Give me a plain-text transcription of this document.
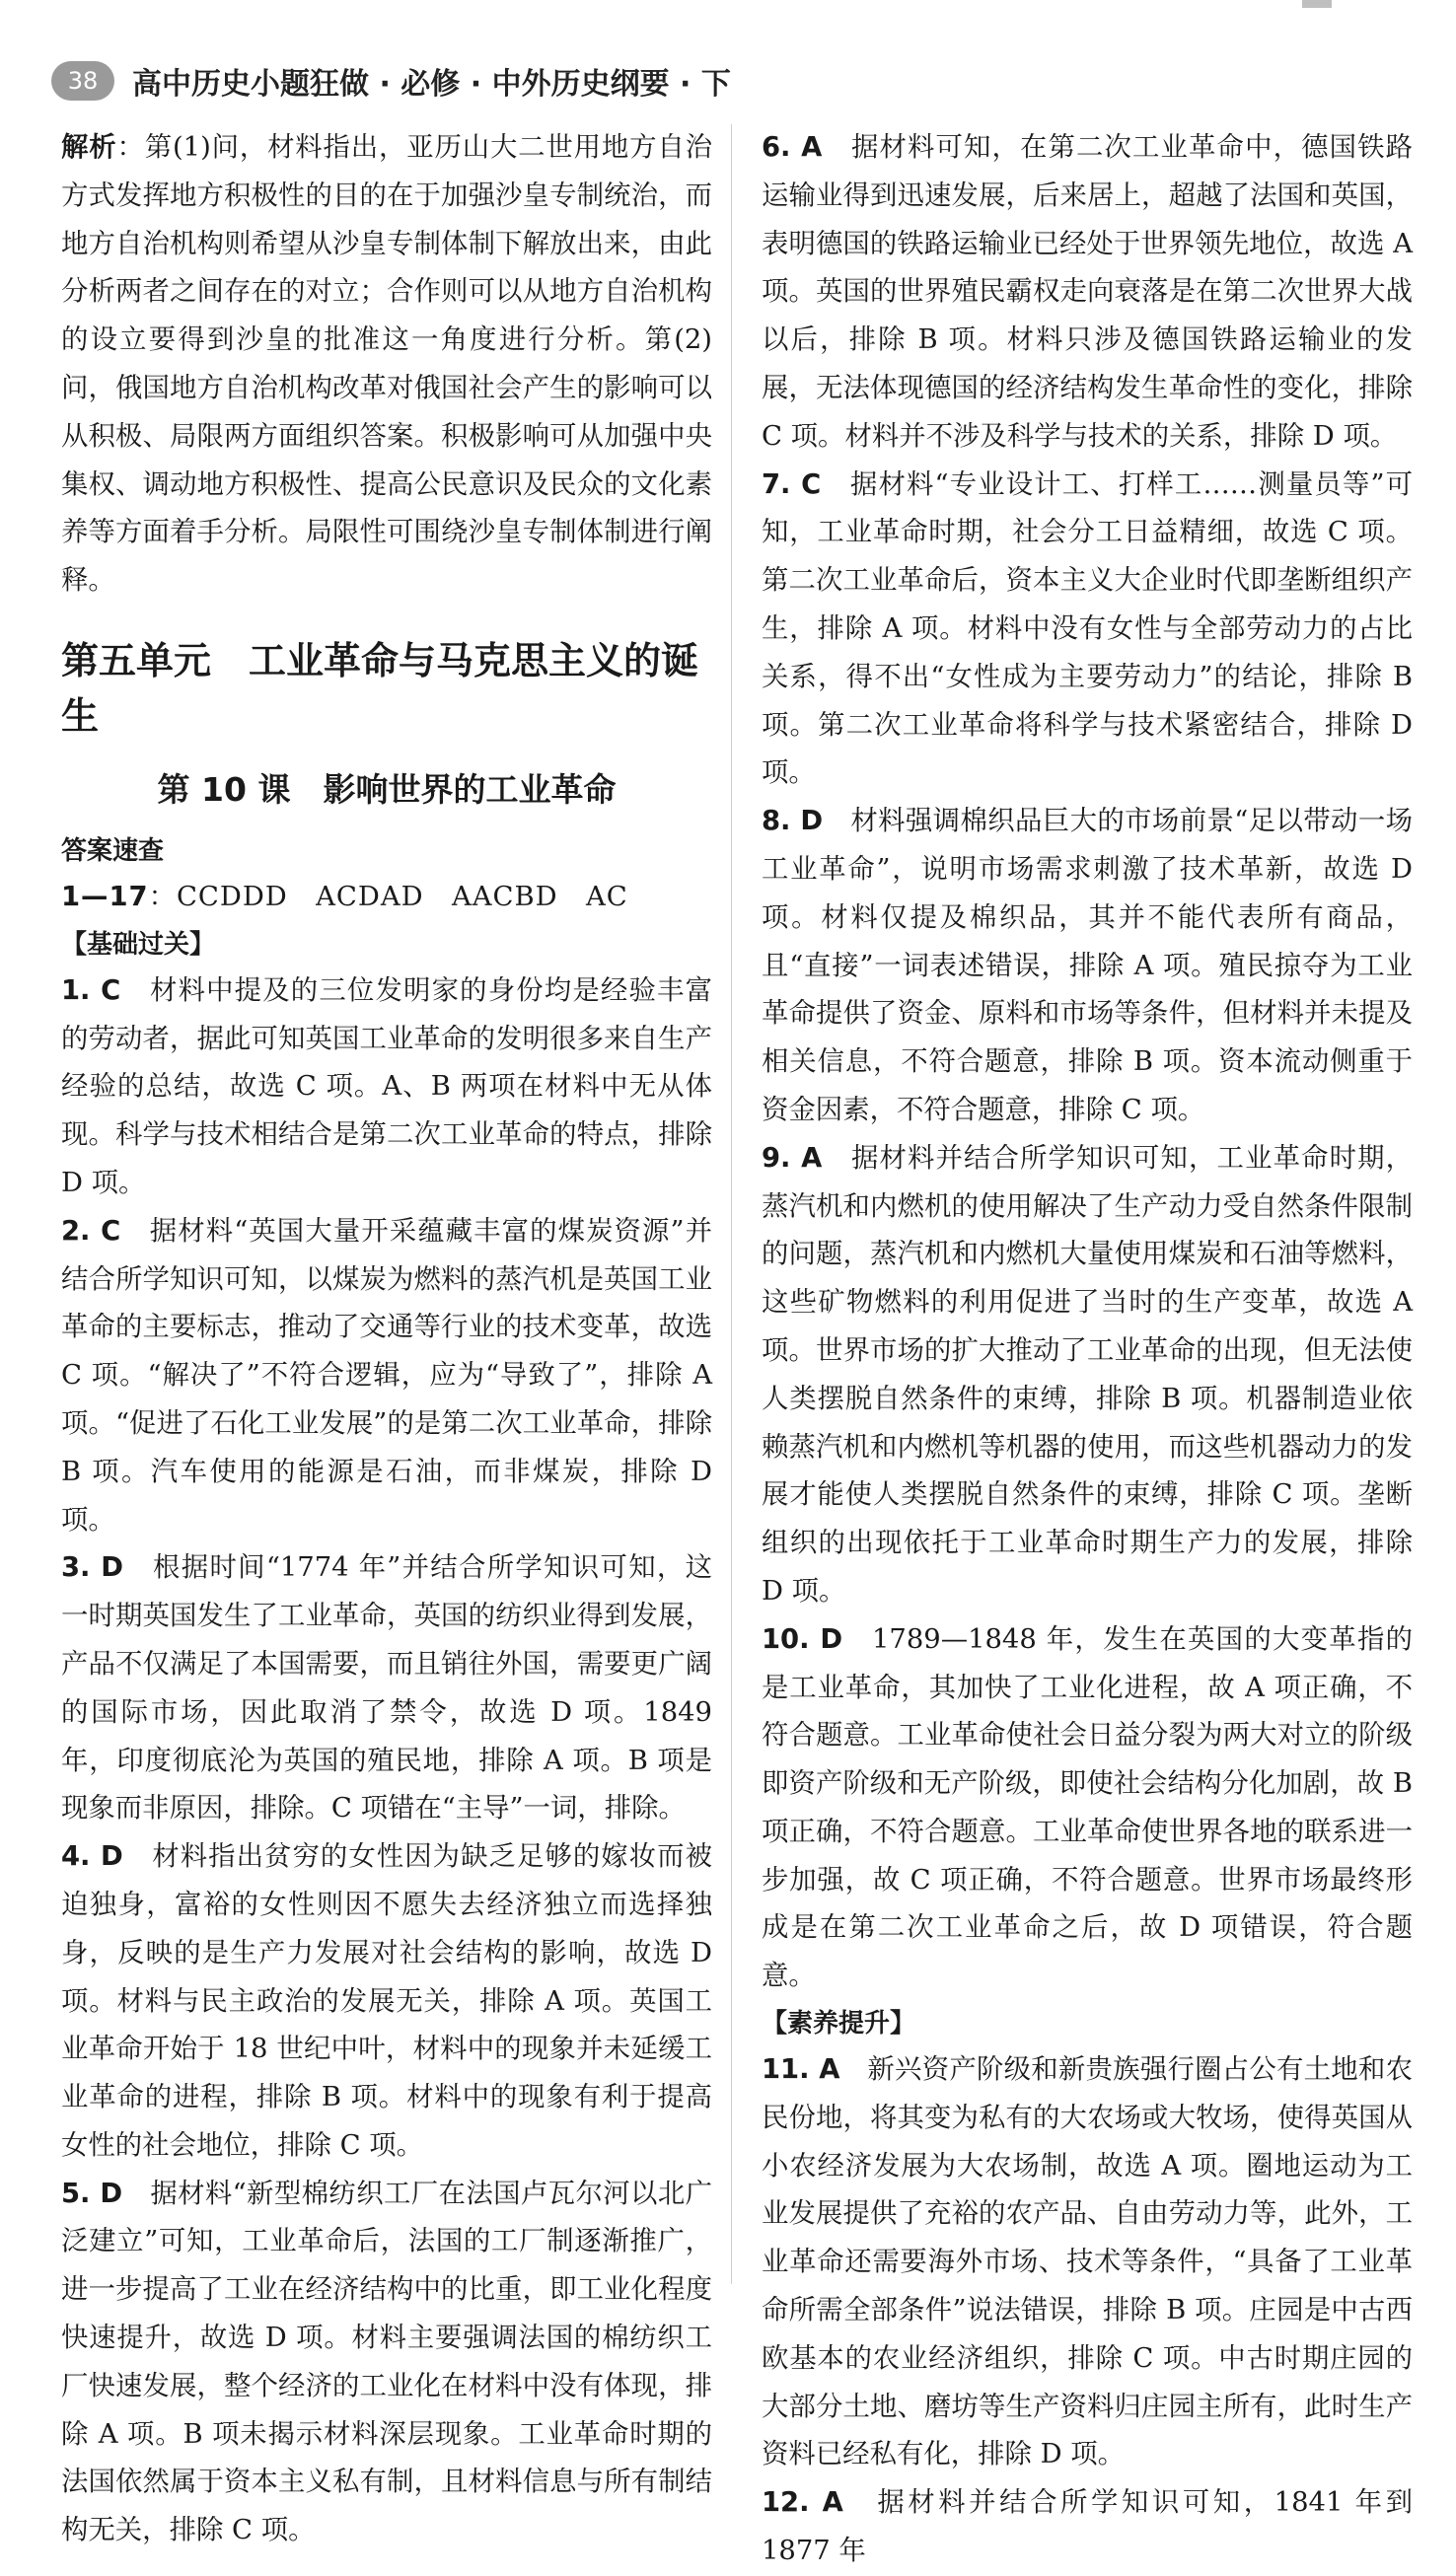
38	高中历史小题狂做 · 必修 · 中外历史纲要 · 下

解析：第(1)问，材料指出，亚历山大二世用地方自治方式发挥地方积极性的目的在于加强沙皇专制统治，而地方自治机构则希望从沙皇专制体制下解放出来，由此分析两者之间存在的对立；合作则可以从地方自治机构的设立要得到沙皇的批准这一角度进行分析。第(2)问，俄国地方自治机构改革对俄国社会产生的影响可以从积极、局限两方面组织答案。积极影响可从加强中央集权、调动地方积极性、提高公民意识及民众的文化素养等方面着手分析。局限性可围绕沙皇专制体制进行阐释。

第五单元　工业革命与马克思主义的诞生
第 10 课　影响世界的工业革命
答案速查

1—17：CCDDD　ACDAD　AACBD　AC

【基础过关】

1. C　材料中提及的三位发明家的身份均是经验丰富的劳动者，据此可知英国工业革命的发明很多来自生产经验的总结，故选 C 项。A、B 两项在材料中无从体现。科学与技术相结合是第二次工业革命的特点，排除 D 项。

2. C　据材料“英国大量开采蕴藏丰富的煤炭资源”并结合所学知识可知，以煤炭为燃料的蒸汽机是英国工业革命的主要标志，推动了交通等行业的技术变革，故选 C 项。“解决了”不符合逻辑，应为“导致了”，排除 A 项。“促进了石化工业发展”的是第二次工业革命，排除 B 项。汽车使用的能源是石油，而非煤炭，排除 D 项。

3. D　根据时间“1774 年”并结合所学知识可知，这一时期英国发生了工业革命，英国的纺织业得到发展，产品不仅满足了本国需要，而且销往外国，需要更广阔的国际市场，因此取消了禁令，故选 D 项。1849 年，印度彻底沦为英国的殖民地，排除 A 项。B 项是现象而非原因，排除。C 项错在“主导”一词，排除。

4. D　材料指出贫穷的女性因为缺乏足够的嫁妆而被迫独身，富裕的女性则因不愿失去经济独立而选择独身，反映的是生产力发展对社会结构的影响，故选 D 项。材料与民主政治的发展无关，排除 A 项。英国工业革命开始于 18 世纪中叶，材料中的现象并未延缓工业革命的进程，排除 B 项。材料中的现象有利于提高女性的社会地位，排除 C 项。

5. D　据材料“新型棉纺织工厂在法国卢瓦尔河以北广泛建立”可知，工业革命后，法国的工厂制逐渐推广，进一步提高了工业在经济结构中的比重，即工业化程度快速提升，故选 D 项。材料主要强调法国的棉纺织工厂快速发展，整个经济的工业化在材料中没有体现，排除 A 项。B 项未揭示材料深层现象。工业革命时期的法国依然属于资本主义私有制，且材料信息与所有制结构无关，排除 C 项。

6. A　据材料可知，在第二次工业革命中，德国铁路运输业得到迅速发展，后来居上，超越了法国和英国，表明德国的铁路运输业已经处于世界领先地位，故选 A 项。英国的世界殖民霸权走向衰落是在第二次世界大战以后，排除 B 项。材料只涉及德国铁路运输业的发展，无法体现德国的经济结构发生革命性的变化，排除 C 项。材料并不涉及科学与技术的关系，排除 D 项。

7. C　据材料“专业设计工、打样工……测量员等”可知，工业革命时期，社会分工日益精细，故选 C 项。第二次工业革命后，资本主义大企业时代即垄断组织产生，排除 A 项。材料中没有女性与全部劳动力的占比关系，得不出“女性成为主要劳动力”的结论，排除 B 项。第二次工业革命将科学与技术紧密结合，排除 D 项。

8. D　材料强调棉织品巨大的市场前景“足以带动一场工业革命”，说明市场需求刺激了技术革新，故选 D 项。材料仅提及棉织品，其并不能代表所有商品，且“直接”一词表述错误，排除 A 项。殖民掠夺为工业革命提供了资金、原料和市场等条件，但材料并未提及相关信息，不符合题意，排除 B 项。资本流动侧重于资金因素，不符合题意，排除 C 项。

9. A　据材料并结合所学知识可知，工业革命时期，蒸汽机和内燃机的使用解决了生产动力受自然条件限制的问题，蒸汽机和内燃机大量使用煤炭和石油等燃料，这些矿物燃料的利用促进了当时的生产变革，故选 A 项。世界市场的扩大推动了工业革命的出现，但无法使人类摆脱自然条件的束缚，排除 B 项。机器制造业依赖蒸汽机和内燃机等机器的使用，而这些机器动力的发展才能使人类摆脱自然条件的束缚，排除 C 项。垄断组织的出现依托于工业革命时期生产力的发展，排除 D 项。

10. D　1789—1848 年，发生在英国的大变革指的是工业革命，其加快了工业化进程，故 A 项正确，不符合题意。工业革命使社会日益分裂为两大对立的阶级即资产阶级和无产阶级，即使社会结构分化加剧，故 B 项正确，不符合题意。工业革命使世界各地的联系进一步加强，故 C 项正确，不符合题意。世界市场最终形成是在第二次工业革命之后，故 D 项错误，符合题意。

【素养提升】

11. A　新兴资产阶级和新贵族强行圈占公有土地和农民份地，将其变为私有的大农场或大牧场，使得英国从小农经济发展为大农场制，故选 A 项。圈地运动为工业发展提供了充裕的农产品、自由劳动力等，此外，工业革命还需要海外市场、技术等条件，“具备了工业革命所需全部条件”说法错误，排除 B 项。庄园是中古西欧基本的农业经济组织，排除 C 项。中古时期庄园的大部分土地、磨坊等生产资料归庄园主所有，此时生产资料已经私有化，排除 D 项。

12. A　据材料并结合所学知识可知，1841 年到 1877 年
